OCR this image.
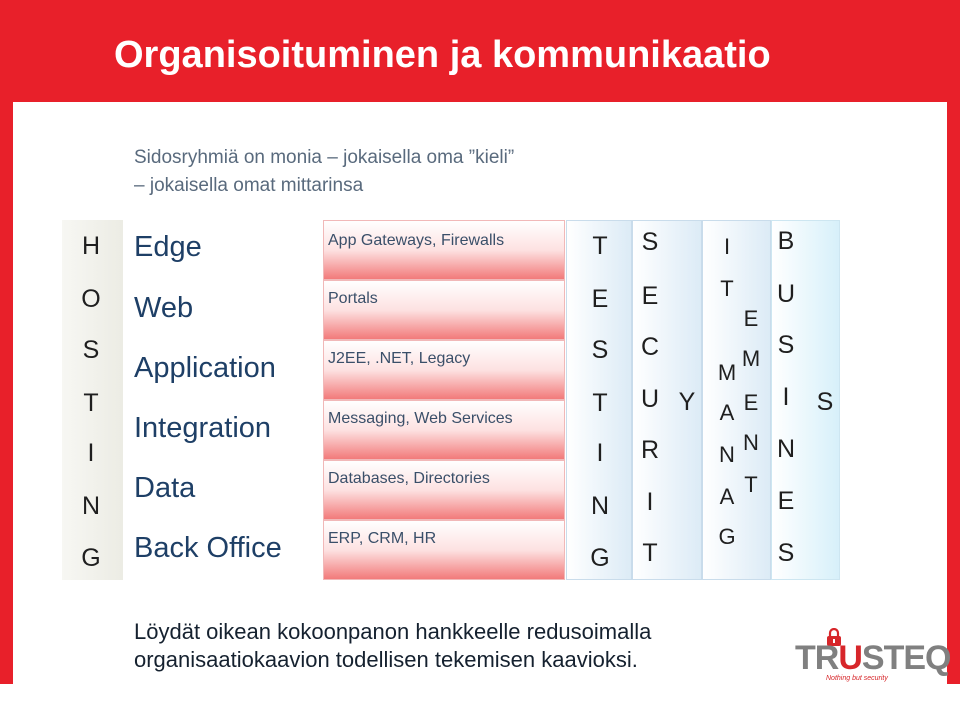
Organisoituminen ja kommunikaatio
Sidosryhmiä on monia – jokaisella oma ”kieli”
– jokaisella omat mittarinsa
H
O
S
T
I
N
G
Edge
Web
Application
Integration
Data
Back Office
App Gateways, Firewalls
Portals
J2EE, .NET, Legacy
Messaging, Web Services
Databases, Directories
ERP, CRM, HR
T
E
S
T
I
N
G
S
E
C
U
R
I
T
Y
I
T
M
A
N
A
G
E
M
E
N
T
B
U
S
I
N
E
S
S
Löydät oikean kokoonpanon hankkeelle redusoimalla
organisaatiokaavion todellisen tekemisen kaavioksi.	TRUSTEQ
Nothing but security
